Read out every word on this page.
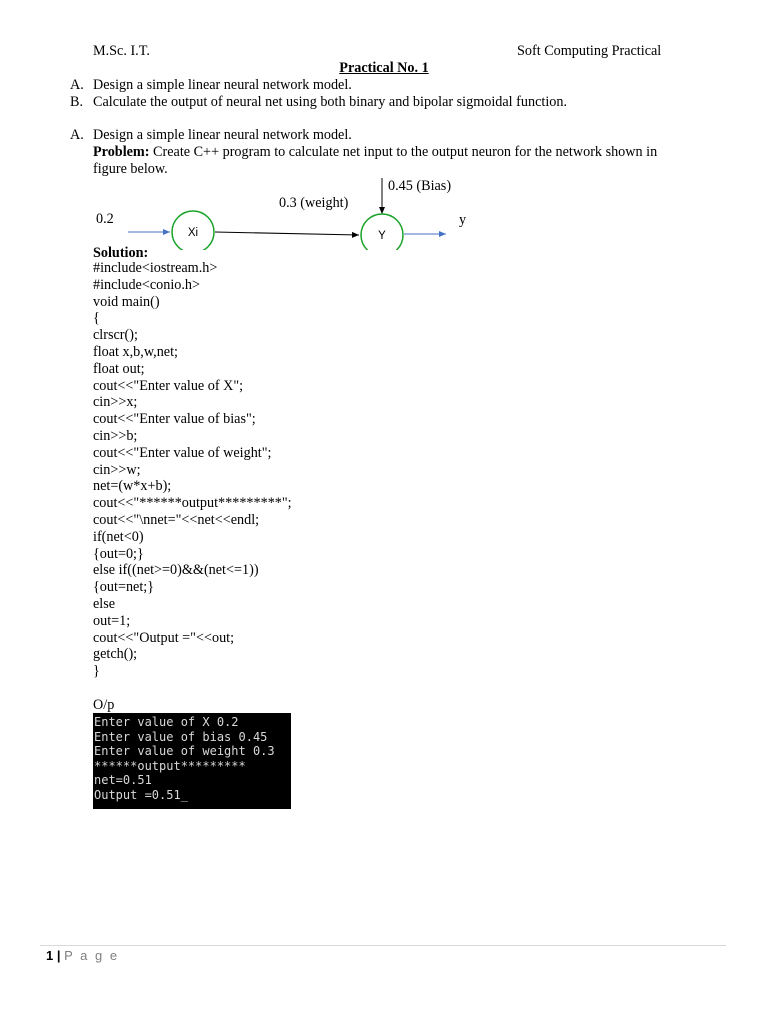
M.Sc. I.T.	Soft Computing Practical
Practical No. 1
A. Design a simple linear neural network model.
B. Calculate the output of neural net using both binary and bipolar sigmoidal function.
A. Design a simple linear neural network model.
Problem: Create C++ program to calculate net input to the output neuron for the network shown in
figure below.
0.2
Xi
0.3 (weight)
0.45 (Bias)
Y
y
Solution:
#include<iostream.h>
#include<conio.h>
void main()
{
clrscr();
float x,b,w,net;
float out;
cout<<"Enter value of X";
cin>>x;
cout<<"Enter value of bias";
cin>>b;
cout<<"Enter value of weight";
cin>>w;
net=(w*x+b);
cout<<"******output*********";
cout<<"\nnet="<<net<<endl;
if(net<0)
{out=0;}
else if((net>=0)&&(net<=1))
{out=net;}
else
out=1;
cout<<"Output ="<<out;
getch();
}
O/p
Enter value of X 0.2
Enter value of bias 0.45
Enter value of weight 0.3
******output*********
net=0.51
Output =0.51_
1 | P a g e
